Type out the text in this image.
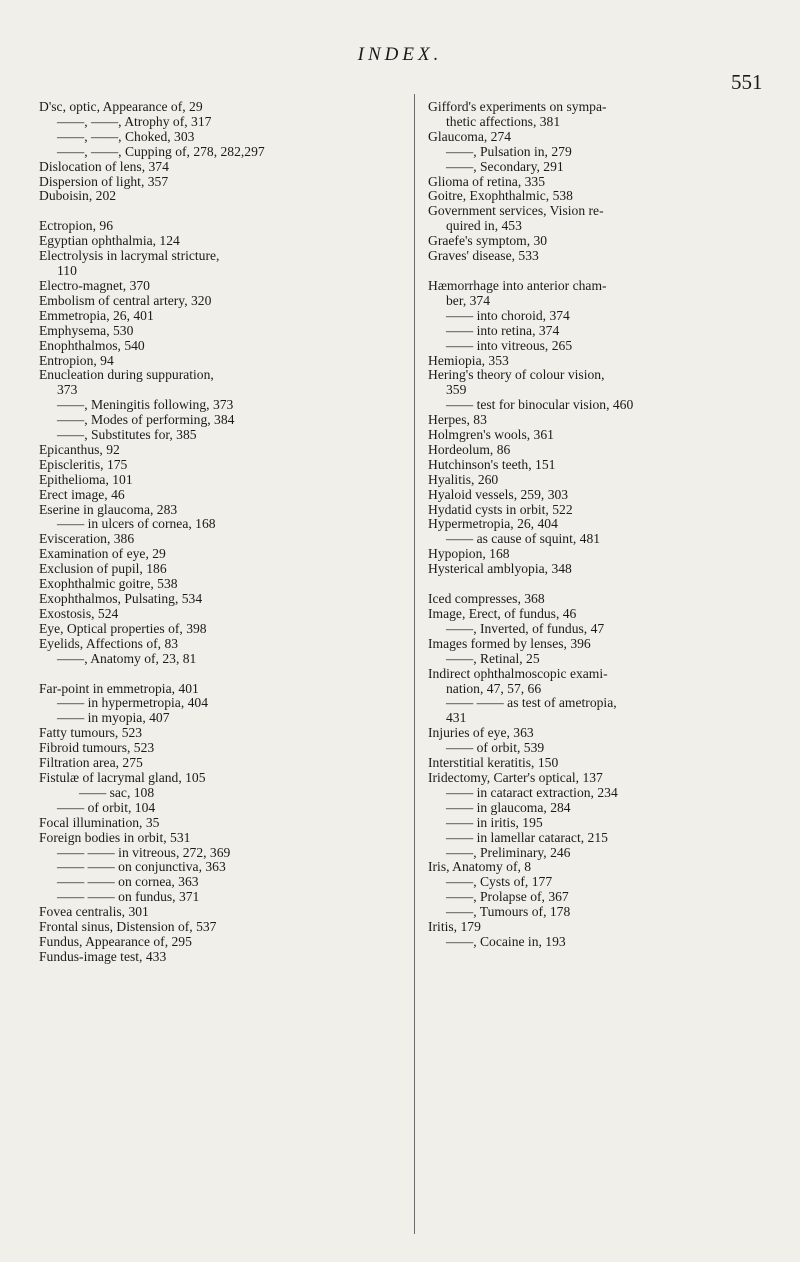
INDEX.
551
D'sc, optic, Appearance of, 29
——, ——, Atrophy of, 317
——, ——, Choked, 303
——, ——, Cupping of, 278, 282,297
Dislocation of lens, 374
Dispersion of light, 357
Duboisin, 202
Ectropion, 96
Egyptian ophthalmia, 124
Electrolysis in lacrymal stricture,
110
Electro-magnet, 370
Embolism of central artery, 320
Emmetropia, 26, 401
Emphysema, 530
Enophthalmos, 540
Entropion, 94
Enucleation during suppuration,
373
——, Meningitis following, 373
——, Modes of performing, 384
——, Substitutes for, 385
Epicanthus, 92
Episcleritis, 175
Epithelioma, 101
Erect image, 46
Eserine in glaucoma, 283
—— in ulcers of cornea, 168
Evisceration, 386
Examination of eye, 29
Exclusion of pupil, 186
Exophthalmic goitre, 538
Exophthalmos, Pulsating, 534
Exostosis, 524
Eye, Optical properties of, 398
Eyelids, Affections of, 83
——, Anatomy of, 23, 81
Far-point in emmetropia, 401
—— in hypermetropia, 404
—— in myopia, 407
Fatty tumours, 523
Fibroid tumours, 523
Filtration area, 275
Fistulæ of lacrymal gland, 105
—— sac, 108
—— of orbit, 104
Focal illumination, 35
Foreign bodies in orbit, 531
—— —— in vitreous, 272, 369
—— —— on conjunctiva, 363
—— —— on cornea, 363
—— —— on fundus, 371
Fovea centralis, 301
Frontal sinus, Distension of, 537
Fundus, Appearance of, 295
Fundus-image test, 433
Gifford's experiments on sympa-
thetic affections, 381
Glaucoma, 274
——, Pulsation in, 279
——, Secondary, 291
Glioma of retina, 335
Goitre, Exophthalmic, 538
Government services, Vision re-
quired in, 453
Graefe's symptom, 30
Graves' disease, 533
Hæmorrhage into anterior cham-
ber, 374
—— into choroid, 374
—— into retina, 374
—— into vitreous, 265
Hemiopia, 353
Hering's theory of colour vision,
359
—— test for binocular vision, 460
Herpes, 83
Holmgren's wools, 361
Hordeolum, 86
Hutchinson's teeth, 151
Hyalitis, 260
Hyaloid vessels, 259, 303
Hydatid cysts in orbit, 522
Hypermetropia, 26, 404
—— as cause of squint, 481
Hypopion, 168
Hysterical amblyopia, 348
Iced compresses, 368
Image, Erect, of fundus, 46
——, Inverted, of fundus, 47
Images formed by lenses, 396
——, Retinal, 25
Indirect ophthalmoscopic exami-
nation, 47, 57, 66
—— —— as test of ametropia,
431
Injuries of eye, 363
—— of orbit, 539
Interstitial keratitis, 150
Iridectomy, Carter's optical, 137
—— in cataract extraction, 234
—— in glaucoma, 284
—— in iritis, 195
—— in lamellar cataract, 215
——, Preliminary, 246
Iris, Anatomy of, 8
——, Cysts of, 177
——, Prolapse of, 367
——, Tumours of, 178
Iritis, 179
——, Cocaine in, 193
